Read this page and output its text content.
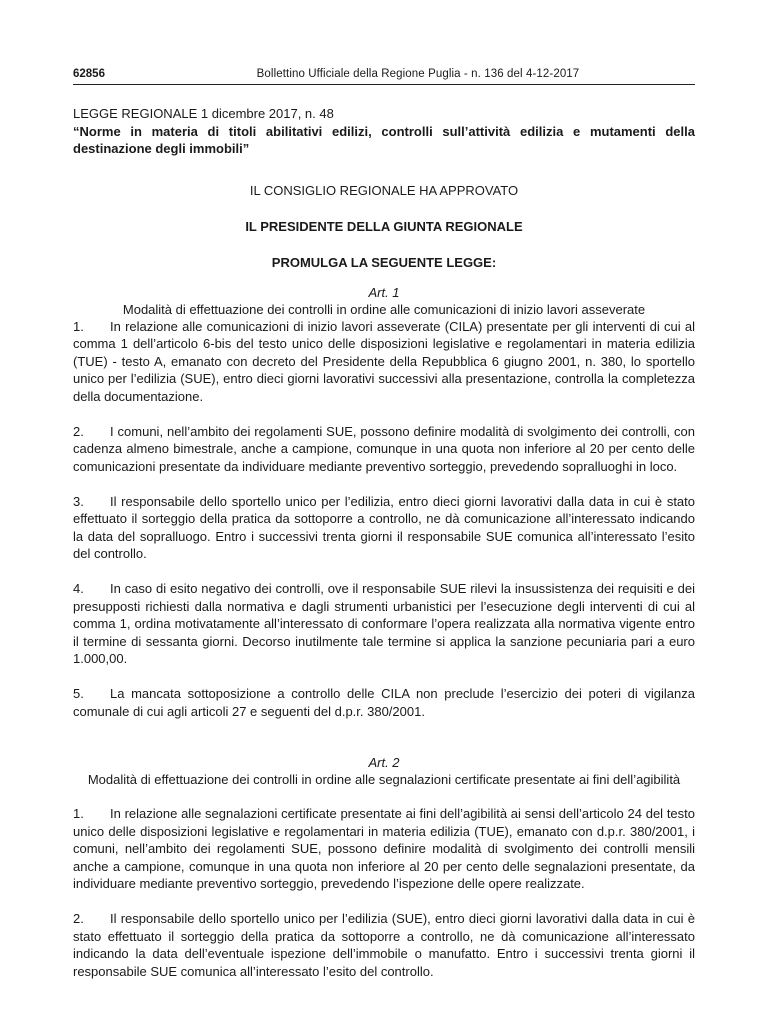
62856	Bollettino Ufficiale della Regione Puglia - n. 136 del 4-12-2017
LEGGE REGIONALE 1 dicembre 2017, n. 48
“Norme in materia di titoli abilitativi edilizi, controlli sull’attività edilizia e mutamenti della destinazione degli immobili”
IL CONSIGLIO REGIONALE HA APPROVATO
IL PRESIDENTE DELLA GIUNTA REGIONALE
PROMULGA LA SEGUENTE LEGGE:
Art. 1
Modalità di effettuazione dei controlli in ordine alle comunicazioni di inizio lavori asseverate

1. In relazione alle comunicazioni di inizio lavori asseverate (CILA) presentate per gli interventi di cui al comma 1 dell’articolo 6-bis del testo unico delle disposizioni legislative e regolamentari in materia edilizia (TUE) - testo A, emanato con decreto del Presidente della Repubblica 6 giugno 2001, n. 380, lo sportello unico per l’edilizia (SUE), entro dieci giorni lavorativi successivi alla presentazione, controlla la completezza della documentazione.

2. I comuni, nell’ambito dei regolamenti SUE, possono definire modalità di svolgimento dei controlli, con cadenza almeno bimestrale, anche a campione, comunque in una quota non inferiore al 20 per cento delle comunicazioni presentate da individuare mediante preventivo sorteggio, prevedendo sopralluoghi in loco.

3. Il responsabile dello sportello unico per l’edilizia, entro dieci giorni lavorativi dalla data in cui è stato effettuato il sorteggio della pratica da sottoporre a controllo, ne dà comunicazione all’interessato indicando la data del sopralluogo. Entro i successivi trenta giorni il responsabile SUE comunica all’interessato l’esito del controllo.

4. In caso di esito negativo dei controlli, ove il responsabile SUE rilevi la insussistenza dei requisiti e dei presupposti richiesti dalla normativa e dagli strumenti urbanistici per l’esecuzione degli interventi di cui al comma 1, ordina motivatamente all’interessato di conformare l’opera realizzata alla normativa vigente entro il termine di sessanta giorni. Decorso inutilmente tale termine si applica la sanzione pecuniaria pari a euro 1.000,00.

5. La mancata sottoposizione a controllo delle CILA non preclude l’esercizio dei poteri di vigilanza comunale di cui agli articoli 27 e seguenti del d.p.r. 380/2001.

Art. 2
Modalità di effettuazione dei controlli in ordine alle segnalazioni certificate presentate ai fini dell’agibilità

1. In relazione alle segnalazioni certificate presentate ai fini dell’agibilità ai sensi dell’articolo 24 del testo unico delle disposizioni legislative e regolamentari in materia edilizia (TUE), emanato con d.p.r. 380/2001, i comuni, nell’ambito dei regolamenti SUE, possono definire modalità di svolgimento dei controlli mensili anche a campione, comunque in una quota non inferiore al 20 per cento delle segnalazioni presentate, da individuare mediante preventivo sorteggio, prevedendo l’ispezione delle opere realizzate.

2. Il responsabile dello sportello unico per l’edilizia (SUE), entro dieci giorni lavorativi dalla data in cui è stato effettuato il sorteggio della pratica da sottoporre a controllo, ne dà comunicazione all’interessato indicando la data dell’eventuale ispezione dell’immobile o manufatto. Entro i successivi trenta giorni il responsabile SUE comunica all’interessato l’esito del controllo.
